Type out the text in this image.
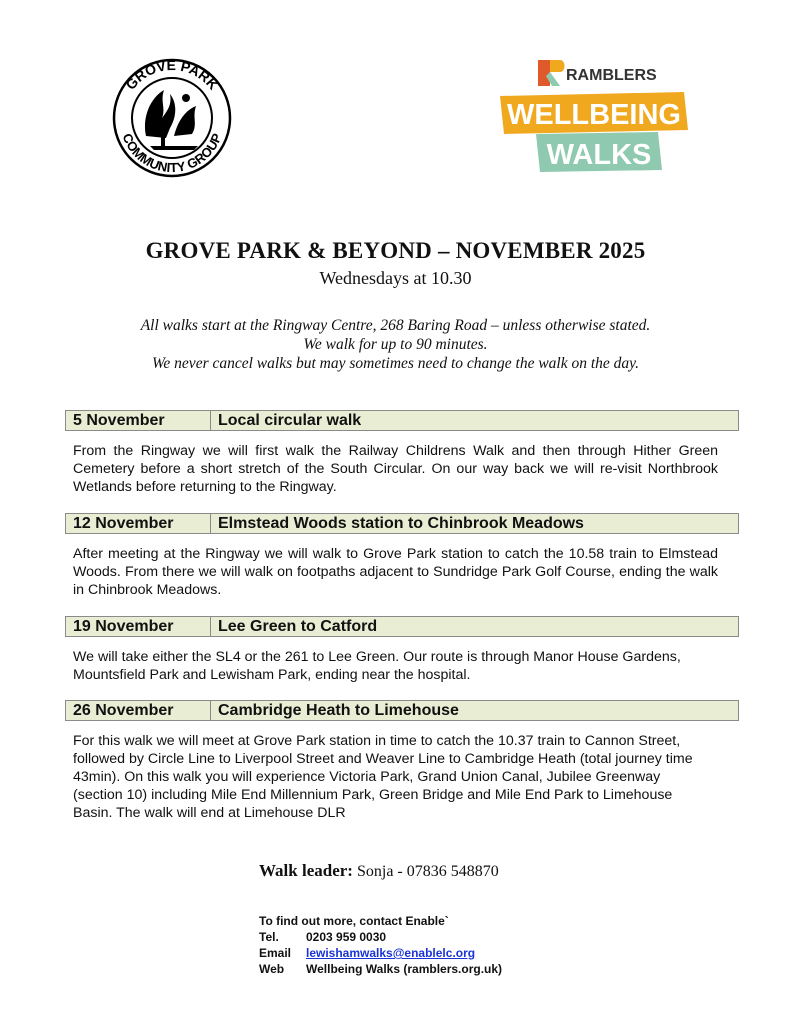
GROVE PARK
COMMUNITY GROUP
RAMBLERS
WELLBEING
WALKS
GROVE PARK & BEYOND – NOVEMBER 2025
Wednesdays at 10.30
All walks start at the Ringway Centre, 268 Baring Road – unless otherwise stated.
We walk for up to 90 minutes.
We never cancel walks but may sometimes need to change the walk on the day.
5 November	Local circular walk
From the Ringway we will first walk the Railway Childrens Walk and then through Hither Green Cemetery before a short stretch of the South Circular. On our way back we will re-visit Northbrook Wetlands before returning to the Ringway.
12 November	Elmstead Woods station to Chinbrook Meadows
After meeting at the Ringway we will walk to Grove Park station to catch the 10.58 train to Elmstead Woods. From there we will walk on footpaths adjacent to Sundridge Park Golf Course, ending the walk in Chinbrook Meadows.
19 November	Lee Green to Catford
We will take either the SL4 or the 261 to Lee Green. Our route is through Manor House Gardens, Mountsfield Park and Lewisham Park, ending near the hospital.
26 November	Cambridge Heath to Limehouse
For this walk we will meet at Grove Park station in time to catch the 10.37 train to Cannon Street, followed by Circle Line to Liverpool Street and Weaver Line to Cambridge Heath (total journey time 43min). On this walk you will experience Victoria Park, Grand Union Canal, Jubilee Greenway (section 10) including Mile End Millennium Park, Green Bridge and Mile End Park to Limehouse Basin. The walk will end at Limehouse DLR
Walk leader: Sonja - 07836 548870
To find out more, contact Enable`
Tel.	0203 959 0030
Email	lewishamwalks@enablelc.org
Web	Wellbeing Walks (ramblers.org.uk)
